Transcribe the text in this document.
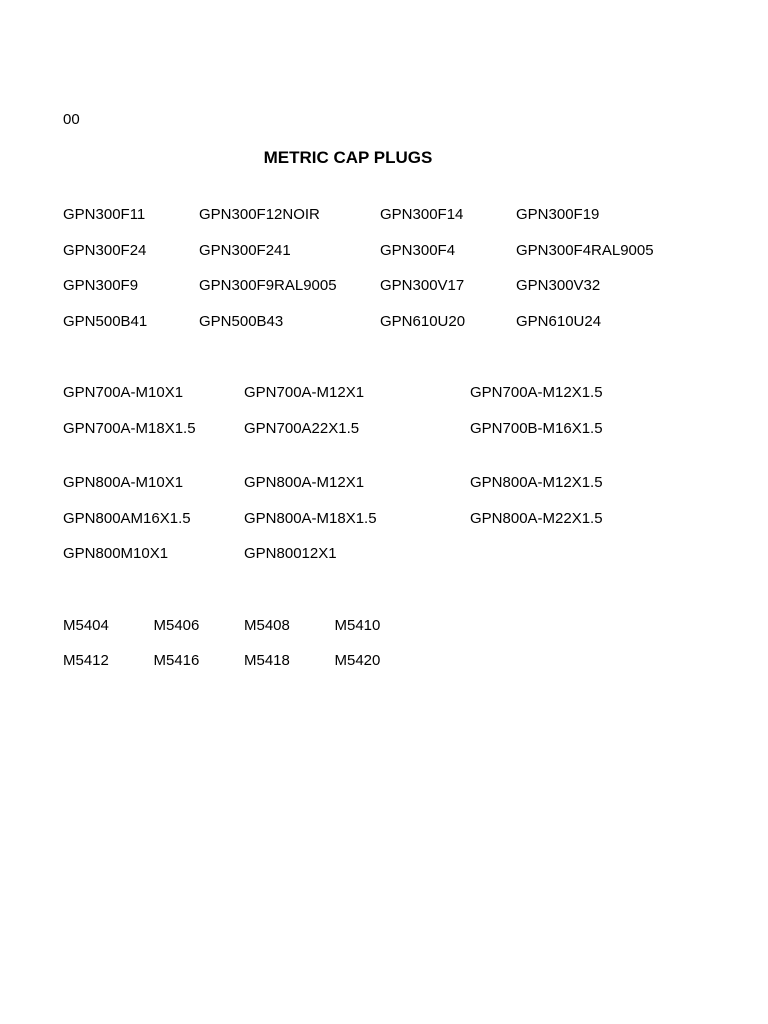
00
METRIC CAP PLUGS
GPN300F11	GPN300F12NOIR	GPN300F14	GPN300F19
GPN300F24	GPN300F241	GPN300F4	GPN300F4RAL9005
GPN300F9	GPN300F9RAL9005	GPN300V17	GPN300V32
GPN500B41	GPN500B43	GPN610U20	GPN610U24
GPN700A-M10X1	GPN700A-M12X1	GPN700A-M12X1.5
GPN700A-M18X1.5	GPN700A22X1.5	GPN700B-M16X1.5
GPN800A-M10X1	GPN800A-M12X1	GPN800A-M12X1.5
GPN800AM16X1.5	GPN800A-M18X1.5	GPN800A-M22X1.5
GPN800M10X1	GPN80012X1
M5404	M5406	M5408	M5410
M5412	M5416	M5418	M5420
